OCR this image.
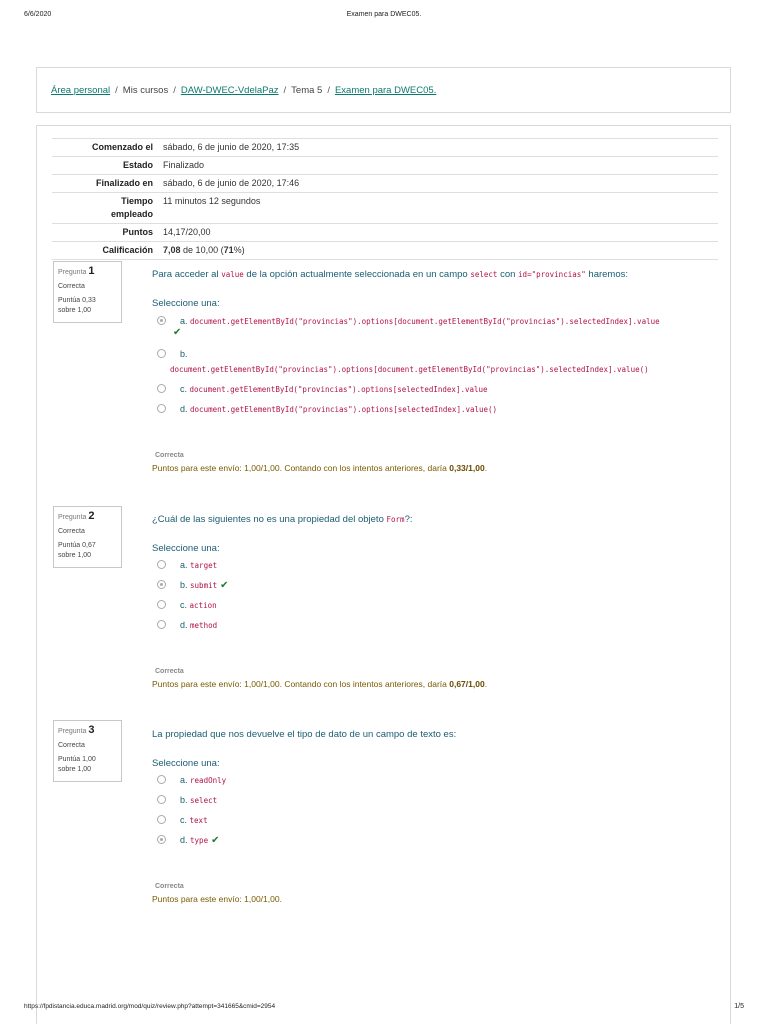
6/6/2020	Examen para DWEC05.
Área personal / Mis cursos / DAW-DWEC-VdelaPaz / Tema 5 / Examen para DWEC05.
Comenzado el	sábado, 6 de junio de 2020, 17:35
Estado	Finalizado
Finalizado en	sábado, 6 de junio de 2020, 17:46
Tiempo
empleado	11 minutos 12 segundos
Puntos	14,17/20,00
Calificación	7,08 de 10,00 (71%)
Pregunta 1
Correcta
Puntúa 0,33
sobre 1,00
Para acceder al value de la opción actualmente seleccionada en un campo select con id="provincias" haremos:
Seleccione una:
a. document.getElementById("provincias").options[document.getElementById("provincias").selectedIndex].value
✔
b.
document.getElementById("provincias").options[document.getElementById("provincias").selectedIndex].value()
c. document.getElementById("provincias").options[selectedIndex].value
d. document.getElementById("provincias").options[selectedIndex].value()
Correcta
Puntos para este envío: 1,00/1,00. Contando con los intentos anteriores, daría 0,33/1,00.
Pregunta 2
Correcta
Puntúa 0,67
sobre 1,00
¿Cuál de las siguientes no es una propiedad del objeto Form?:
Seleccione una:
a. target
b. submit ✔
c. action
d. method
Correcta
Puntos para este envío: 1,00/1,00. Contando con los intentos anteriores, daría 0,67/1,00.
Pregunta 3
Correcta
Puntúa 1,00
sobre 1,00
La propiedad que nos devuelve el tipo de dato de un campo de texto es:
Seleccione una:
a. readOnly
b. select
c. text
d. type ✔
Correcta
Puntos para este envío: 1,00/1,00.
https://fpdistancia.educa.madrid.org/mod/quiz/review.php?attempt=341665&cmid=2954	1/5
